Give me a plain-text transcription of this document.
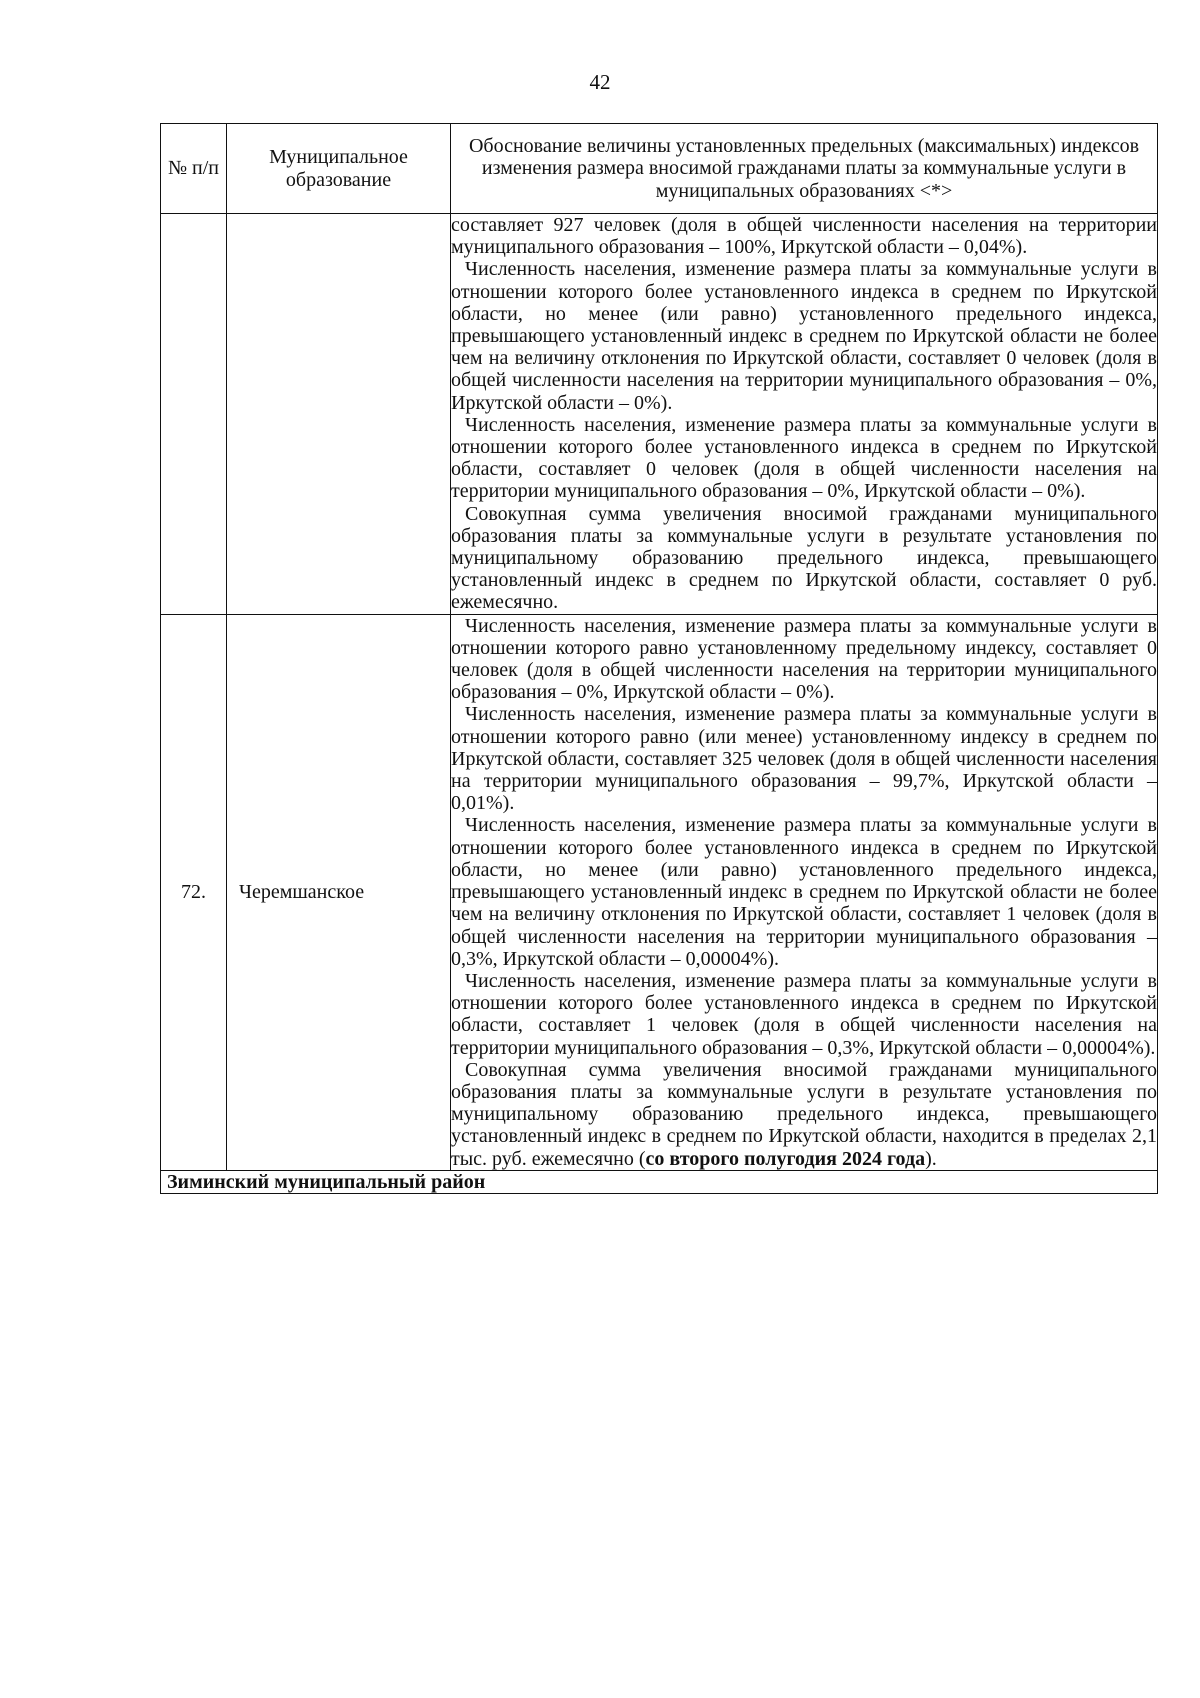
42
№ п/п	Муниципальное образование	Обоснование величины установленных предельных (максимальных) индексов изменения размера вносимой гражданами платы за коммунальные услуги в муниципальных образованиях <*>

		составляет 927 человек (доля в общей численности населения на территории муниципального образования – 100%, Иркутской области – 0,04%).

Численность населения, изменение размера платы за коммунальные услуги в отношении которого более установленного индекса в среднем по Иркутской области, но менее (или равно) установленного предельного индекса, превышающего установленный индекс в среднем по Иркутской области не более чем на величину отклонения по Иркутской области, составляет 0 человек (доля в общей численности населения на территории муниципального образования – 0%, Иркутской области – 0%).

Численность населения, изменение размера платы за коммунальные услуги в отношении которого более установленного индекса в среднем по Иркутской области, составляет 0 человек (доля в общей численности населения на территории муниципального образования – 0%, Иркутской области – 0%).

Совокупная сумма увеличения вносимой гражданами муниципального образования платы за коммунальные услуги в результате установления по муниципальному образованию предельного индекса, превышающего установленный индекс в среднем по Иркутской области, составляет 0 руб. ежемесячно.

72.	Черемшанское	Численность населения, изменение размера платы за коммунальные услуги в отношении которого равно установленному предельному индексу, составляет 0 человек (доля в общей численности населения на территории муниципального образования – 0%, Иркутской области – 0%).

Численность населения, изменение размера платы за коммунальные услуги в отношении которого равно (или менее) установленному индексу в среднем по Иркутской области, составляет 325 человек (доля в общей численности населения на территории муниципального образования – 99,7%, Иркутской области – 0,01%).

Численность населения, изменение размера платы за коммунальные услуги в отношении которого более установленного индекса в среднем по Иркутской области, но менее (или равно) установленного предельного индекса, превышающего установленный индекс в среднем по Иркутской области не более чем на величину отклонения по Иркутской области, составляет 1 человек (доля в общей численности населения на территории муниципального образования – 0,3%, Иркутской области – 0,00004%).

Численность населения, изменение размера платы за коммунальные услуги в отношении которого более установленного индекса в среднем по Иркутской области, составляет 1 человек (доля в общей численности населения на территории муниципального образования – 0,3%, Иркутской области – 0,00004%).

Совокупная сумма увеличения вносимой гражданами муниципального образования платы за коммунальные услуги в результате установления по муниципальному образованию предельного индекса, превышающего установленный индекс в среднем по Иркутской области, находится в пределах 2,1 тыс. руб. ежемесячно (со второго полугодия 2024 года).

Зиминский муниципальный район		
